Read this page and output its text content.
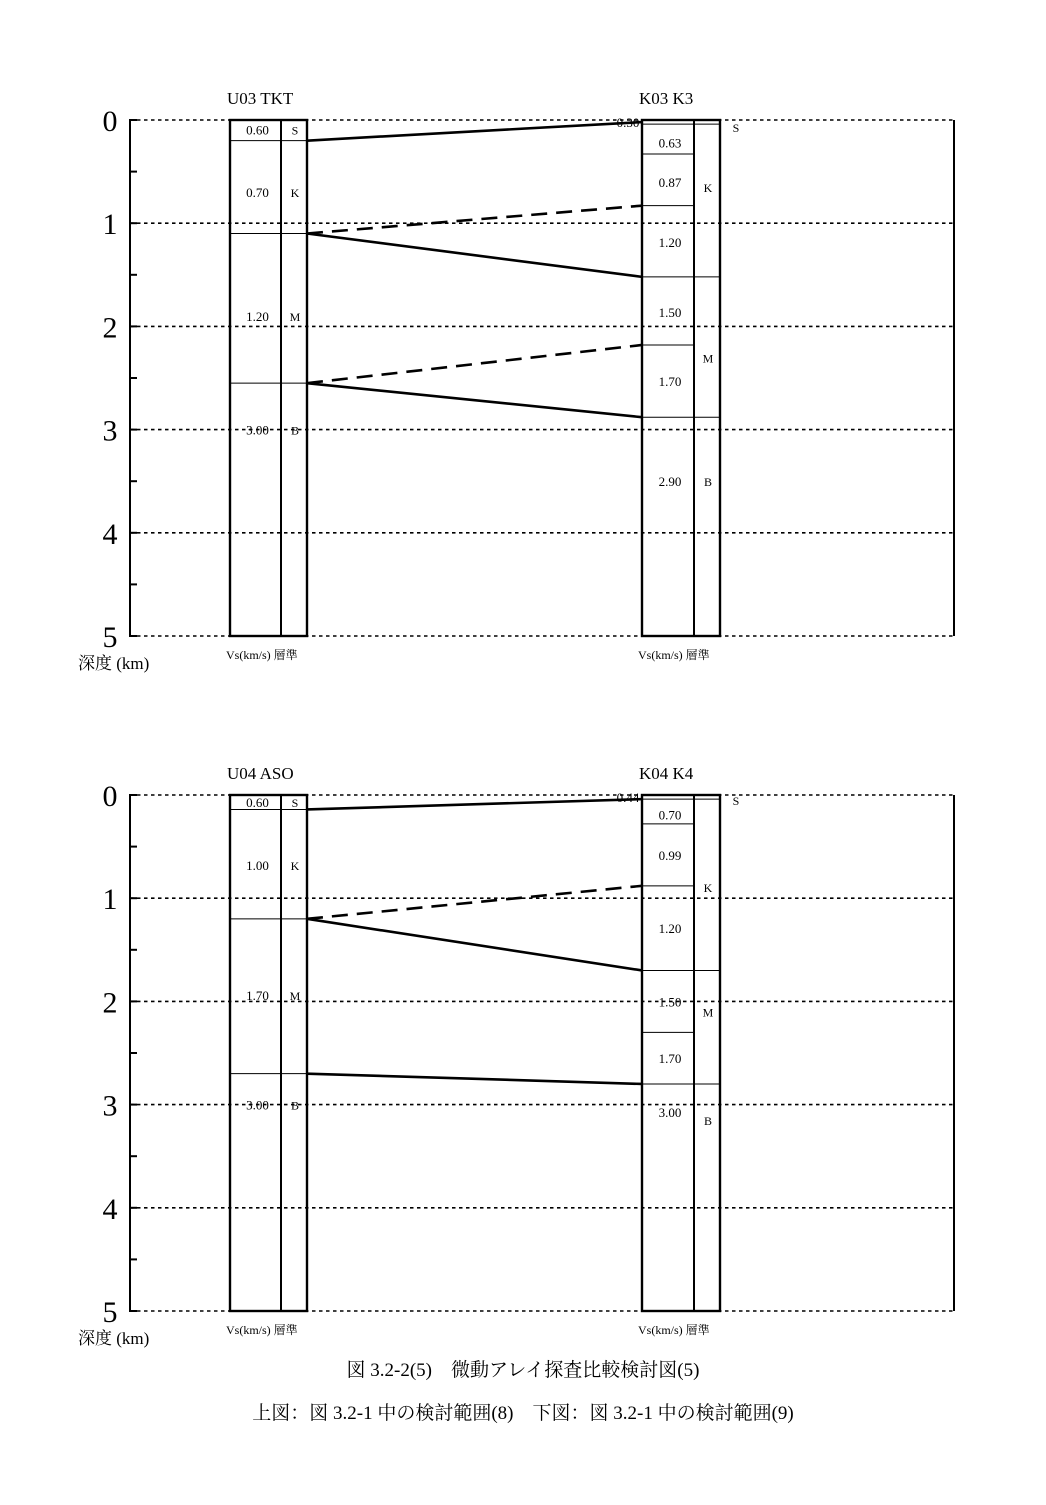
0
1
2
3
4
5
深度 (km)
U03 TKT
0.60
0.70
1.20
3.00
S
K
M
B
Vs(km/s) 層準
K03 K3
0.30
0.63
0.87
1.20
1.50
1.70
2.90
S
K
M
B
Vs(km/s) 層準
0
1
2
3
4
5
深度 (km)
U04 ASO
0.60
1.00
1.70
3.00
S
K
M
B
Vs(km/s) 層準
K04 K4
0.44
0.70
0.99
1.20
1.50
1.70
3.00
S
K
M
B
Vs(km/s) 層準
図 3.2-2(5)　微動アレイ探査比較検討図(5)
上図：図 3.2-1 中の検討範囲(8)　下図：図 3.2-1 中の検討範囲(9)
